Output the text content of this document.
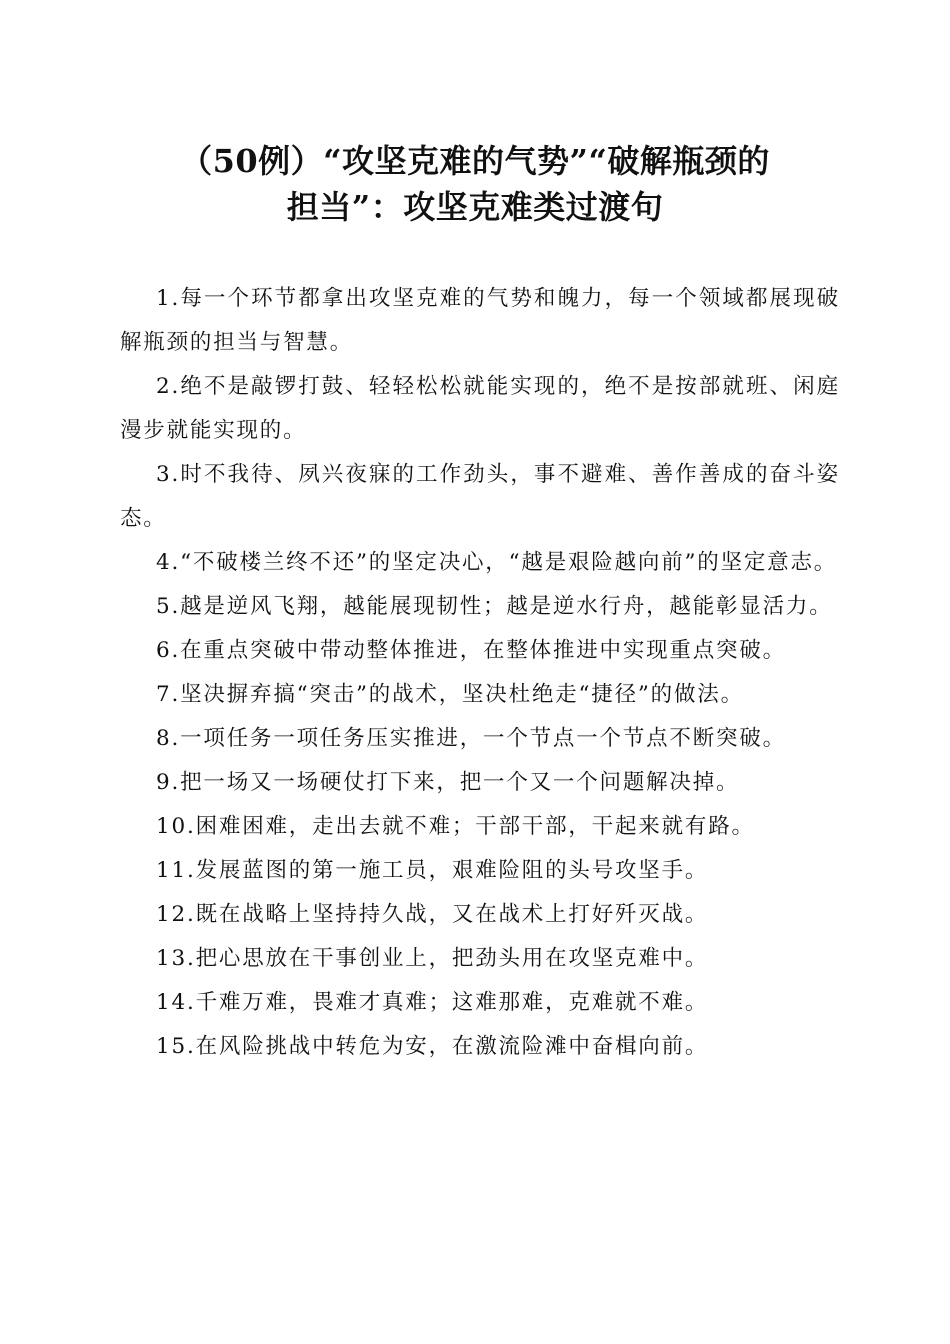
（50例）“攻坚克难的气势”“破解瓶颈的
担当”：攻坚克难类过渡句

1.每一个环节都拿出攻坚克难的气势和魄力，每一个领域都展现破解瓶颈的担当与智慧。

2.绝不是敲锣打鼓、轻轻松松就能实现的，绝不是按部就班、闲庭漫步就能实现的。

3.时不我待、夙兴夜寐的工作劲头，事不避难、善作善成的奋斗姿态。

4.“不破楼兰终不还”的坚定决心，“越是艰险越向前”的坚定意志。

5.越是逆风飞翔，越能展现韧性；越是逆水行舟，越能彰显活力。

6.在重点突破中带动整体推进，在整体推进中实现重点突破。

7.坚决摒弃搞“突击”的战术，坚决杜绝走“捷径”的做法。

8.一项任务一项任务压实推进，一个节点一个节点不断突破。

9.把一场又一场硬仗打下来，把一个又一个问题解决掉。

10.困难困难，走出去就不难；干部干部，干起来就有路。

11.发展蓝图的第一施工员，艰难险阻的头号攻坚手。

12.既在战略上坚持持久战，又在战术上打好歼灭战。

13.把心思放在干事创业上，把劲头用在攻坚克难中。

14.千难万难，畏难才真难；这难那难，克难就不难。

15.在风险挑战中转危为安，在激流险滩中奋楫向前。
